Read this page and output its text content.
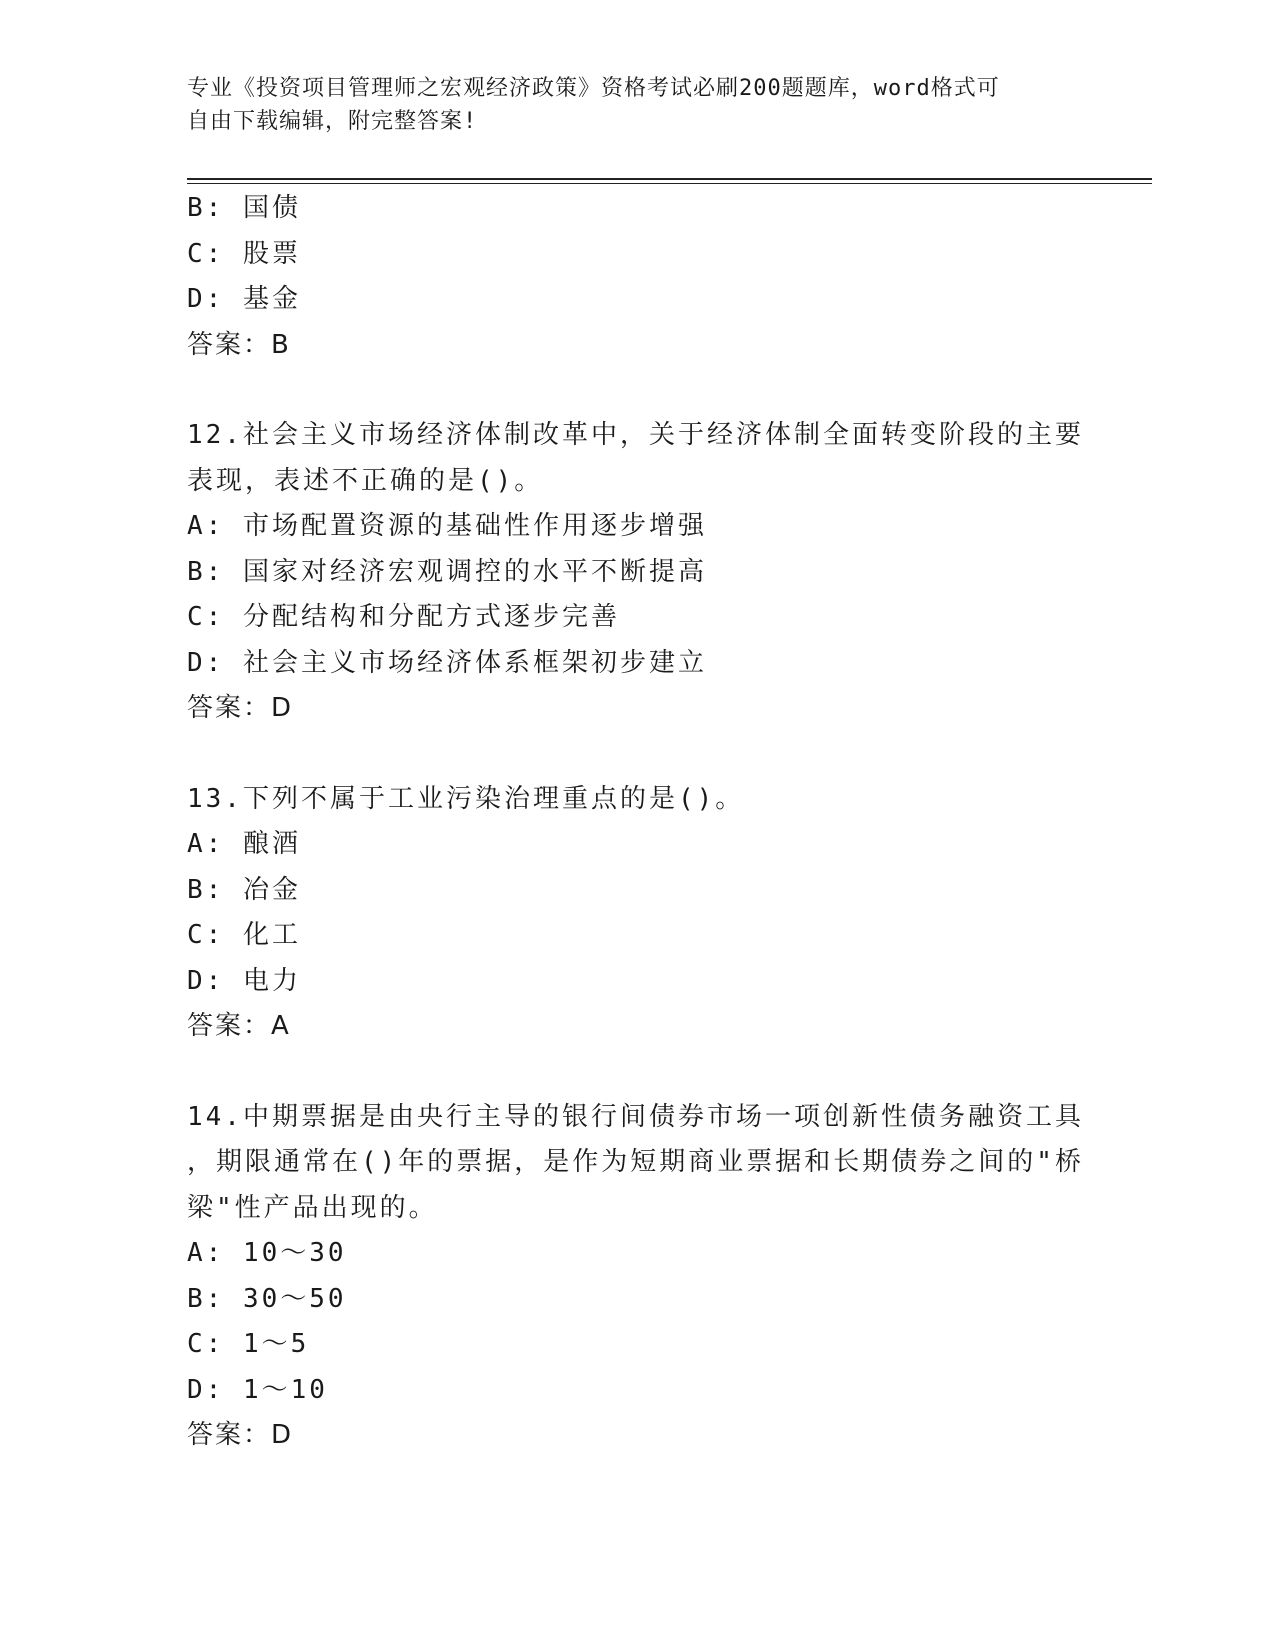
专业《投资项目管理师之宏观经济政策》资格考试必刷200题题库，word格式可
自由下载编辑，附完整答案!
B: 国债
C: 股票
D: 基金
答案：B
12.社会主义市场经济体制改革中，关于经济体制全面转变阶段的主要
表现，表述不正确的是()。
A: 市场配置资源的基础性作用逐步增强
B: 国家对经济宏观调控的水平不断提高
C: 分配结构和分配方式逐步完善
D: 社会主义市场经济体系框架初步建立
答案：D
13.下列不属于工业污染治理重点的是()。
A: 酿酒
B: 冶金
C: 化工
D: 电力
答案：A
14.中期票据是由央行主导的银行间债券市场一项创新性债务融资工具
，期限通常在()年的票据，是作为短期商业票据和长期债券之间的"桥
梁"性产品出现的。
A: 10～30
B: 30～50
C: 1～5
D: 1～10
答案：D
